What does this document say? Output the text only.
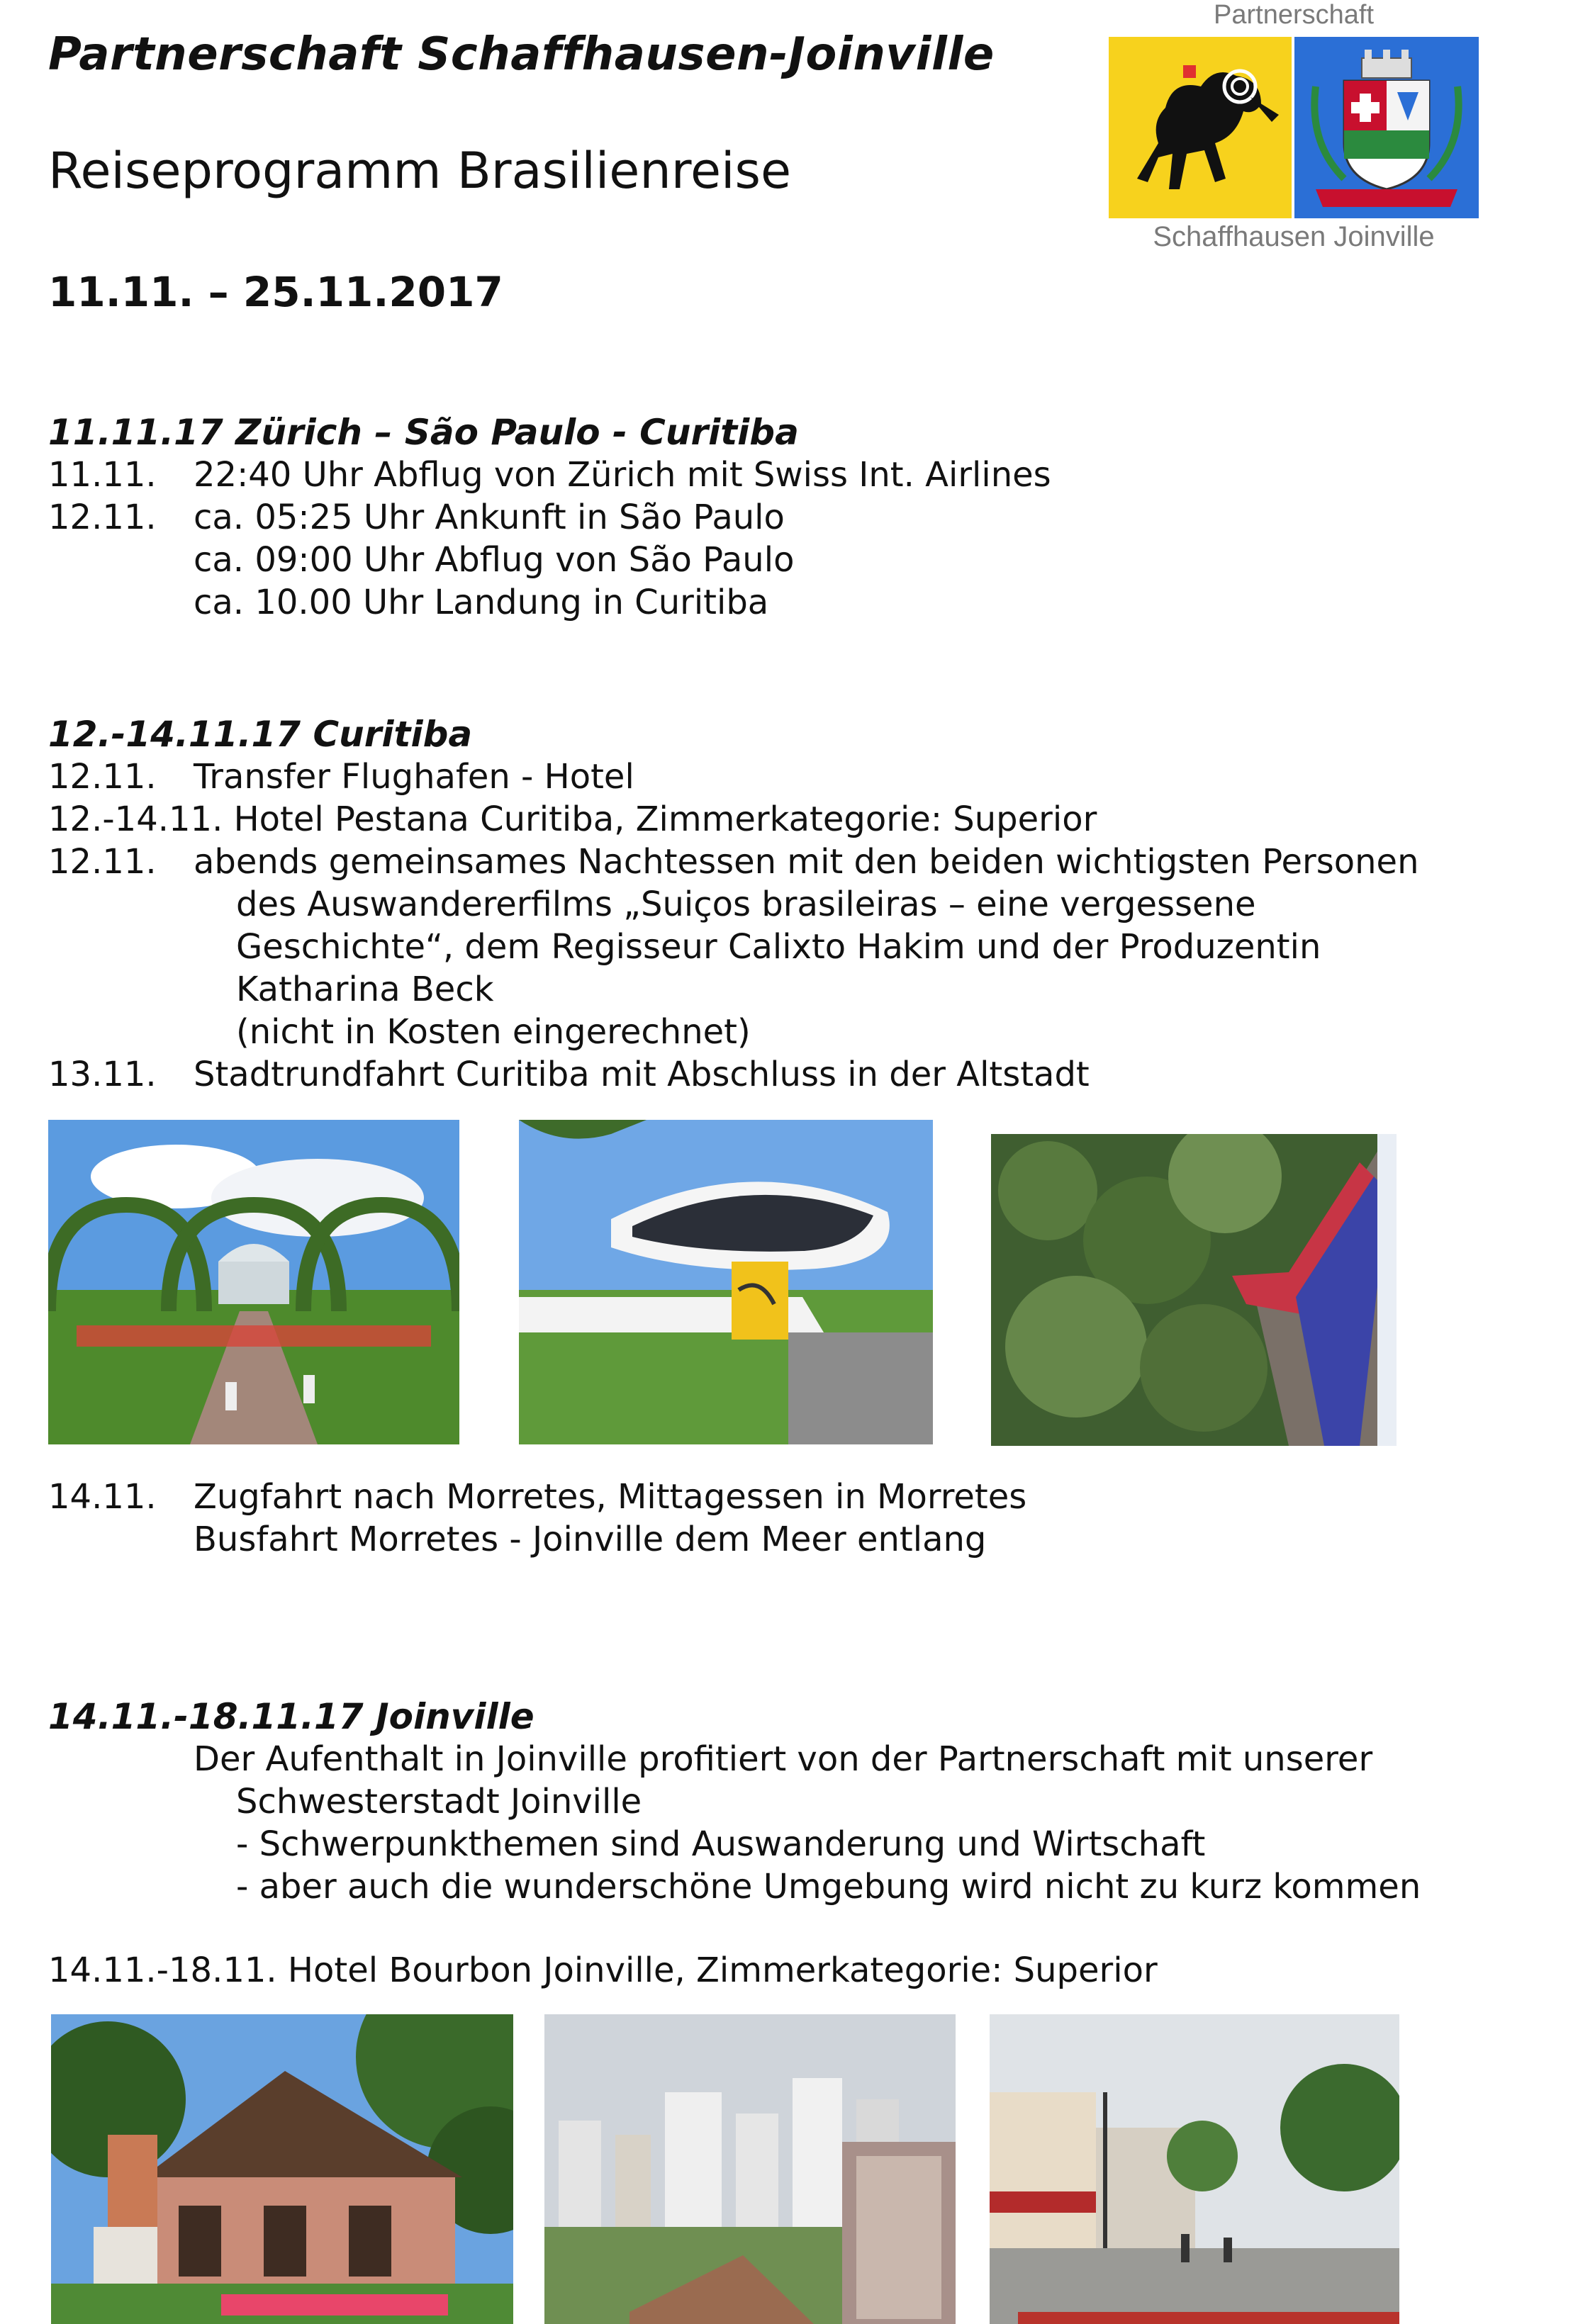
Partnerschaft Schaffhausen-Joinville
Reiseprogramm Brasilienreise
11.11. – 25.11.2017
Partnerschaft
Schaffhausen Joinville
11.11.17 Zürich – São Paulo - Curitiba
11.11. 22:40 Uhr Abflug von Zürich mit Swiss Int. Airlines
12.11. ca. 05:25 Uhr Ankunft in São Paulo
ca. 09:00 Uhr Abflug von São Paulo
ca. 10.00 Uhr Landung in Curitiba
12.-14.11.17 Curitiba
12.11. Transfer Flughafen - Hotel
12.-14.11. Hotel Pestana Curitiba, Zimmerkategorie: Superior
12.11. abends gemeinsames Nachtessen mit den beiden wichtigsten Personen
des Auswandererfilms „Suiços brasileiras – eine vergessene
Geschichte“, dem Regisseur Calixto Hakim und der Produzentin
Katharina Beck
(nicht in Kosten eingerechnet)
13.11. Stadtrundfahrt Curitiba mit Abschluss in der Altstadt
14.11. Zugfahrt nach Morretes, Mittagessen in Morretes
Busfahrt Morretes - Joinville dem Meer entlang
14.11.-18.11.17 Joinville
Der Aufenthalt in Joinville profitiert von der Partnerschaft mit unserer
Schwesterstadt Joinville
- Schwerpunkthemen sind Auswanderung und Wirtschaft
- aber auch die wunderschöne Umgebung wird nicht zu kurz kommen
14.11.-18.11. Hotel Bourbon Joinville, Zimmerkategorie: Superior
